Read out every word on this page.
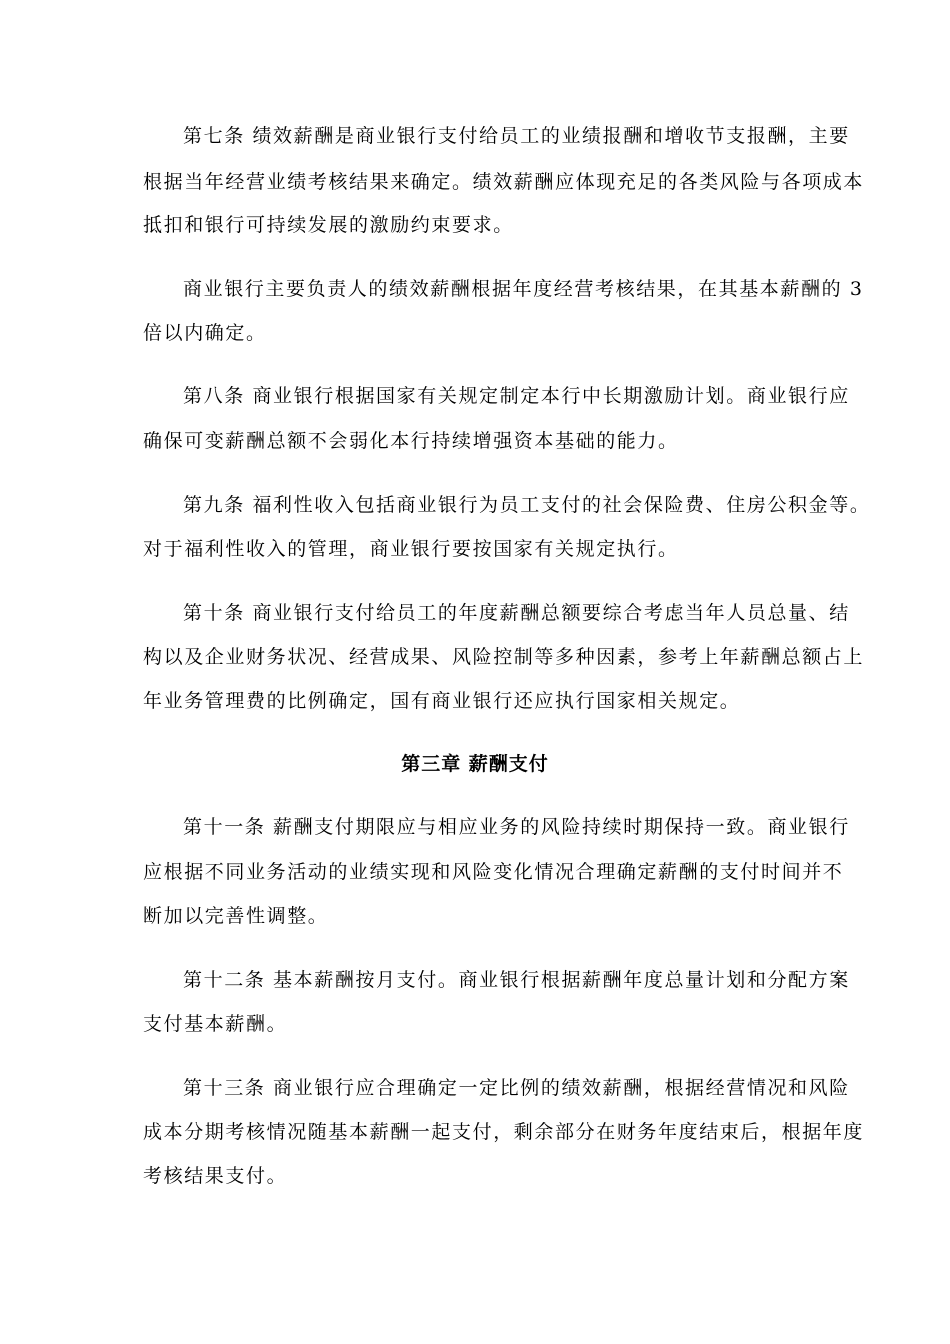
第七条 绩效薪酬是商业银行支付给员工的业绩报酬和增收节支报酬，主要
根据当年经营业绩考核结果来确定。绩效薪酬应体现充足的各类风险与各项成本
抵扣和银行可持续发展的激励约束要求。
商业银行主要负责人的绩效薪酬根据年度经营考核结果，在其基本薪酬的 3
倍以内确定。
第八条 商业银行根据国家有关规定制定本行中长期激励计划。商业银行应
确保可变薪酬总额不会弱化本行持续增强资本基础的能力。
第九条 福利性收入包括商业银行为员工支付的社会保险费、住房公积金等。
对于福利性收入的管理，商业银行要按国家有关规定执行。
第十条 商业银行支付给员工的年度薪酬总额要综合考虑当年人员总量、结
构以及企业财务状况、经营成果、风险控制等多种因素，参考上年薪酬总额占上
年业务管理费的比例确定，国有商业银行还应执行国家相关规定。
第三章 薪酬支付
第十一条 薪酬支付期限应与相应业务的风险持续时期保持一致。商业银行
应根据不同业务活动的业绩实现和风险变化情况合理确定薪酬的支付时间并不
断加以完善性调整。
第十二条 基本薪酬按月支付。商业银行根据薪酬年度总量计划和分配方案
支付基本薪酬。
第十三条 商业银行应合理确定一定比例的绩效薪酬，根据经营情况和风险
成本分期考核情况随基本薪酬一起支付，剩余部分在财务年度结束后，根据年度
考核结果支付。
